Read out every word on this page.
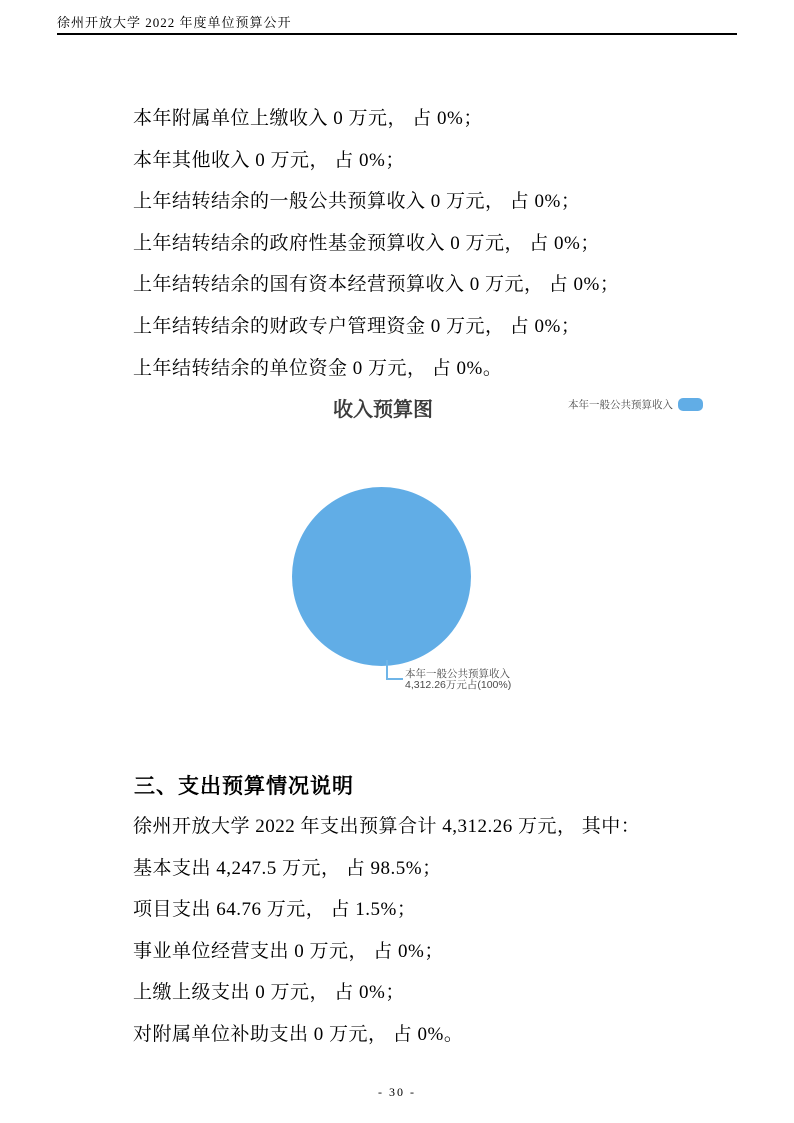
徐州开放大学 2022 年度单位预算公开

本年附属单位上缴收入 0 万元， 占 0%；

本年其他收入 0 万元， 占 0%；

上年结转结余的一般公共预算收入 0 万元， 占 0%；

上年结转结余的政府性基金预算收入 0 万元， 占 0%；

上年结转结余的国有资本经营预算收入 0 万元， 占 0%；

上年结转结余的财政专户管理资金 0 万元， 占 0%；

上年结转结余的单位资金 0 万元， 占 0%。

收入预算图	本年一般公共预算收入
本年一般公共预算收入
4,312.26万元占(100%)
三、支出预算情况说明

徐州开放大学 2022 年支出预算合计 4,312.26 万元， 其中：

基本支出 4,247.5 万元， 占 98.5%；

项目支出 64.76 万元， 占 1.5%；

事业单位经营支出 0 万元， 占 0%；

上缴上级支出 0 万元， 占 0%；

对附属单位补助支出 0 万元， 占 0%。

- 30 -
